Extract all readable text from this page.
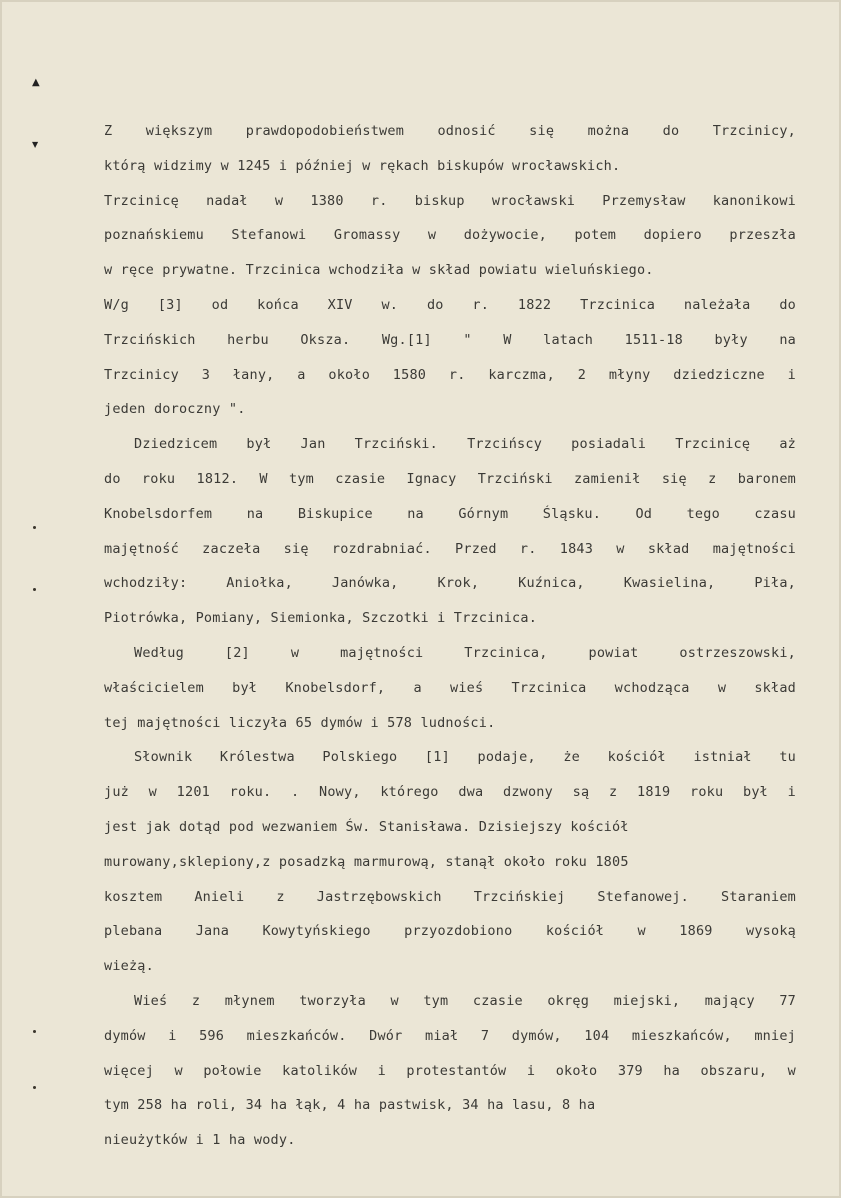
▲
▼
Z większym prawdopodobieństwem odnosić się można do Trzcinicy,
którą widzimy w 1245 i później w rękach biskupów wrocławskich.
Trzcinicę nadał w 1380 r. biskup wrocławski Przemysław kanonikowi
poznańskiemu Stefanowi Gromassy w dożywocie, potem dopiero przeszła
w ręce prywatne. Trzcinica wchodziła w skład powiatu wieluńskiego.
W/g [3] od końca XIV w. do r. 1822 Trzcinica należała do
Trzcińskich herbu Oksza. Wg.[1] " W latach 1511-18 były na
Trzcinicy 3 łany, a około 1580 r. karczma, 2 młyny dziedziczne i
jeden doroczny ".
Dziedzicem był Jan Trzciński. Trzcińscy posiadali Trzcinicę aż
do roku 1812. W tym czasie Ignacy Trzciński zamienił się z baronem
Knobelsdorfem na Biskupice na Górnym Śląsku. Od tego czasu
majętność zaczeła się rozdrabniać. Przed r. 1843 w skład majętności
wchodziły: Aniołka, Janówka, Krok, Kuźnica, Kwasielina, Piła,
Piotrówka, Pomiany, Siemionka, Szczotki i Trzcinica.
Według [2] w majętności Trzcinica, powiat ostrzeszowski,
właścicielem był Knobelsdorf, a wieś Trzcinica wchodząca w skład
tej majętności liczyła 65 dymów i 578 ludności.
Słownik Królestwa Polskiego [1] podaje, że kościół istniał tu
już w 1201 roku. . Nowy, którego dwa dzwony są z 1819 roku był i
jest jak dotąd pod wezwaniem Św. Stanisława. Dzisiejszy kościół
murowany,sklepiony,z posadzką marmurową, stanął około roku 1805
kosztem Anieli z Jastrzębowskich Trzcińskiej Stefanowej. Staraniem
plebana Jana Kowytyńskiego przyozdobiono kościół w 1869 wysoką
wieżą.
Wieś z młynem tworzyła w tym czasie okręg miejski, mający 77
dymów i 596 mieszkańców. Dwór miał 7 dymów, 104 mieszkańców, mniej
więcej w połowie katolików i protestantów i około 379 ha obszaru, w
tym 258 ha roli, 34 ha łąk, 4 ha pastwisk, 34 ha lasu, 8 ha
nieużytków i 1 ha wody.
